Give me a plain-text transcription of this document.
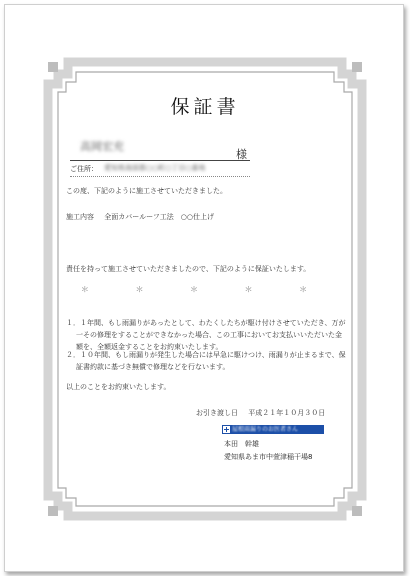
保証書
高岡宏充
様
ご住所： 愛知県海部郡○○町○丁目○番地
この度、下記のように施工させていただきました。
施工内容 全面カバールーフ工法　○○仕上げ
責任を持って施工させていただきましたので、下記のように保証いたします。
＊ ＊ ＊ ＊ ＊
１．１年間、もし雨漏りがあったとして、わたくしたちが駆け付けさせていただき、万が一その修理をすることができなかった場合、この工事においてお支払いいただいた金額を、全額返金することをお約束いたします。
２．１０年間、もし雨漏りが発生した場合には早急に駆けつけ、雨漏りが止まるまで、保証書約款に基づき無償で修理などを行ないます。
以上のことをお約束いたします。
お引き渡し日 平成２１年１０月３０日
屋根雨漏りのお医者さん
本田　幹雄
愛知県あま市中萱津稲干場8
